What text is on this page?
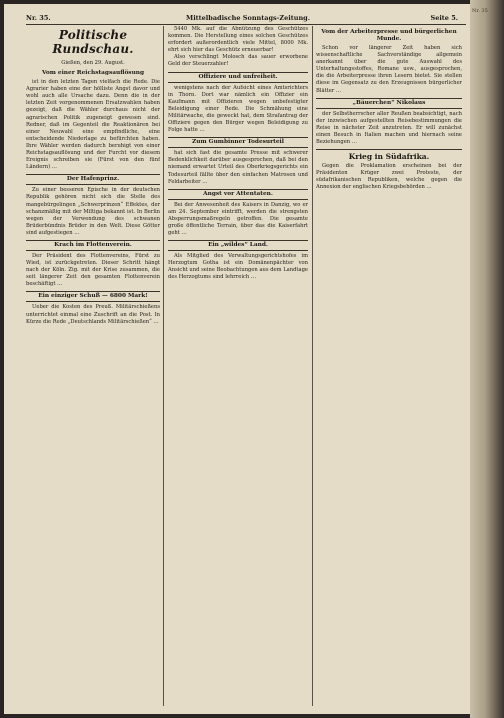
Nr. 35.	Mittelbadische Sonntags-Zeitung.	Seite 5.
Politische Rundschau.
Gießen, den 29. August.
Vom einer Reichstagsauflösung

ist in den letzten Tagen vielfach die Rede. Die Agrarier haben eine der hölliste Angst davor und wohl auch alle Ursache dazu. Denn die in der letzten Zeit vorgenommenen Ersatzwahlen haben gezeigt, daß die Wähler durchaus nicht der agrarischen Politik zugeneigt gewesen sind. Redner, daß im Gegenteil die Reaktionären bei einer Neuwahl eine empfindliche, eine entscheidende Niederlage zu befürchten haben. Ihre Wähler werden dadurch beruhigt von einer Reichstagsauflösung und der Furcht vor diesem Ereignis schreiben sie (Fürst von den fünf Ländern) …

Der Hafenprinz.

Zu einer besseren Epische in der deutschen Republik gehören nicht sich die Stelle des mangebürgelingen „Schwerprinzen“ Effektes, der schanzmäßig mit der Miltiga bekannt ist. In Berlin wegen der Verwendung des schwanen Brüderbündnis Brüder in den Welt. Diese Götter sind aufgestiegen …

Krach im Flottenverein.

Der Präsident des Flottenvereins, Fürst zu Wied, ist zurückgetreten. Dieser Schritt hängt nach der Köln. Zig. mit der Krise zusammen, die seit längerer Zeit den gesamten Flottenverein beschäftigt …

Ein einziger Schuß — 6800 Mark!

Ueber die Kosten des Preuß. Militärschießens unterrichtet einmal eine Zuschrift an die Post. In Kürze die Rede „Deutschlands Militärschießen“ …

5440 Mk. auf die Abnützung des Geschützes kommen. Die Herstellung eines solchen Geschützes erfordert außerordentlich viele Mittel, 8000 Mk. ehrt sich hier das Geschütz erneuerbar!

Also verschlingt Molosch das sauer erworbene Geld der Steuerzahler!

Offiziere und unfreiheit.

wenigstens nach der Aufsicht eines Amtsrichters in Thorn. Dort war nämlich ein Offizier ein Kaufmann mit Offizieren wegen unbefestigter Beleidigung einer Rede. Die Schmähung eine Militärwache, die geweckt hat, dem Strafantrag der Offiziere gegen den Bürger wegen Beleidigung zu Folge hatte …

Zum Gumbinner Todesurteil

hat sich fast die gesamte Presse mit schwerer Bedenklichkeit darüber ausgesprochen, daß bei den niemand erwartet Urteil des Oberkriegsgerichts ein Todesurteil fällte über den einfachen Matrosen und Feldarbeiter …

Angst vor Attentaten.

Bei der Anwesenheit des Kaisers in Danzig, wo er am 24. September eintrifft, werden die strengsten Absperrungsmaßregeln getroffen. Die gesamte große öffentliche Terrain, über das die Kaiserfahrt geht …

Ein „wildes“ Land.

Als Mitglied des Verwaltungsgerichtshofes im Herzogtum Gotha ist ein Domänenpächter von Ansicht und seine Beobachtungen aus dem Landtage des Herzogtums sind lehrreich …

Vom der Arbeiterpresse und bürgerlichen Munde.

Schon vor längerer Zeit haben sich wissenschaftliche Sachverständige allgemein anerkannt über die gute Auswahl des Unterhaltungsstoffes, Romane usw., ausgesprochen, die die Arbeiterpresse ihren Lesern bietet. Sie stellen diese im Gegensatz zu den Erzeugnissen bürgerlicher Blätter …

„Bäuerchen“ Nikolaus

der Selbstherrscher aller Reußen beabsichtigt, nach der inzwischen aufgestellten Reisebestimmungen die Reise in nächster Zeit anzutreten. Er will zunächst einen Besuch in Italien machen und hiernach seine Beziehungen …

Krieg in Südafrika.

Gegen die Proklamation erscheinen bei der Präsidenten Krüger zwei Proteste, der südafrikanischen Republiken, welche gegen die Annexion der englischen Kriegsbehörden …

Nr. 35
